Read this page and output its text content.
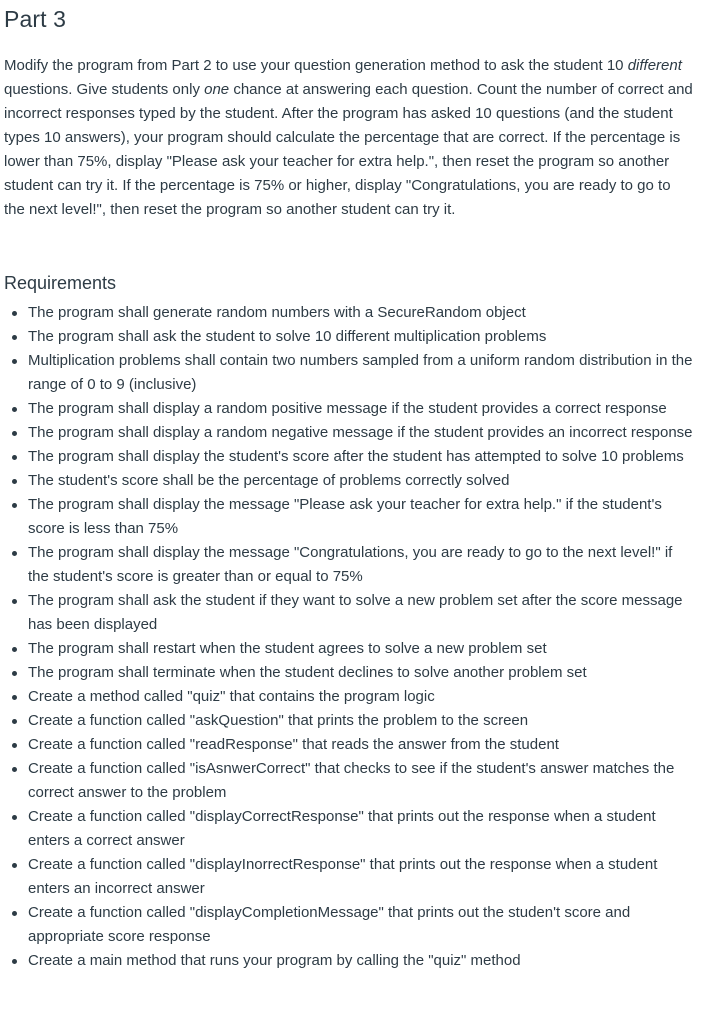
Part 3

Modify the program from Part 2 to use your question generation method to ask the student 10 different questions. Give students only one chance at answering each question. Count the number of correct and incorrect responses typed by the student. After the program has asked 10 questions (and the student types 10 answers), your program should calculate the percentage that are correct. If the percentage is lower than 75%, display "Please ask your teacher for extra help.", then reset the program so another student can try it. If the percentage is 75% or higher, display "Congratulations, you are ready to go to the next level!", then reset the program so another student can try it.

Requirements
The program shall generate random numbers with a SecureRandom object
The program shall ask the student to solve 10 different multiplication problems
Multiplication problems shall contain two numbers sampled from a uniform random distribution in the range of 0 to 9 (inclusive)
The program shall display a random positive message if the student provides a correct response
The program shall display a random negative message if the student provides an incorrect response
The program shall display the student's score after the student has attempted to solve 10 problems
The student's score shall be the percentage of problems correctly solved
The program shall display the message "Please ask your teacher for extra help." if the student's score is less than 75%
The program shall display the message "Congratulations, you are ready to go to the next level!" if the student's score is greater than or equal to 75%
The program shall ask the student if they want to solve a new problem set after the score message has been displayed
The program shall restart when the student agrees to solve a new problem set
The program shall terminate when the student declines to solve another problem set
Create a method called "quiz" that contains the program logic
Create a function called "askQuestion" that prints the problem to the screen
Create a function called "readResponse" that reads the answer from the student
Create a function called "isAsnwerCorrect" that checks to see if the student's answer matches the correct answer to the problem
Create a function called "displayCorrectResponse" that prints out the response when a student enters a correct answer
Create a function called "displayInorrectResponse" that prints out the response when a student enters an incorrect answer
Create a function called "displayCompletionMessage" that prints out the studen't score and appropriate score response
Create a main method that runs your program by calling the "quiz" method
